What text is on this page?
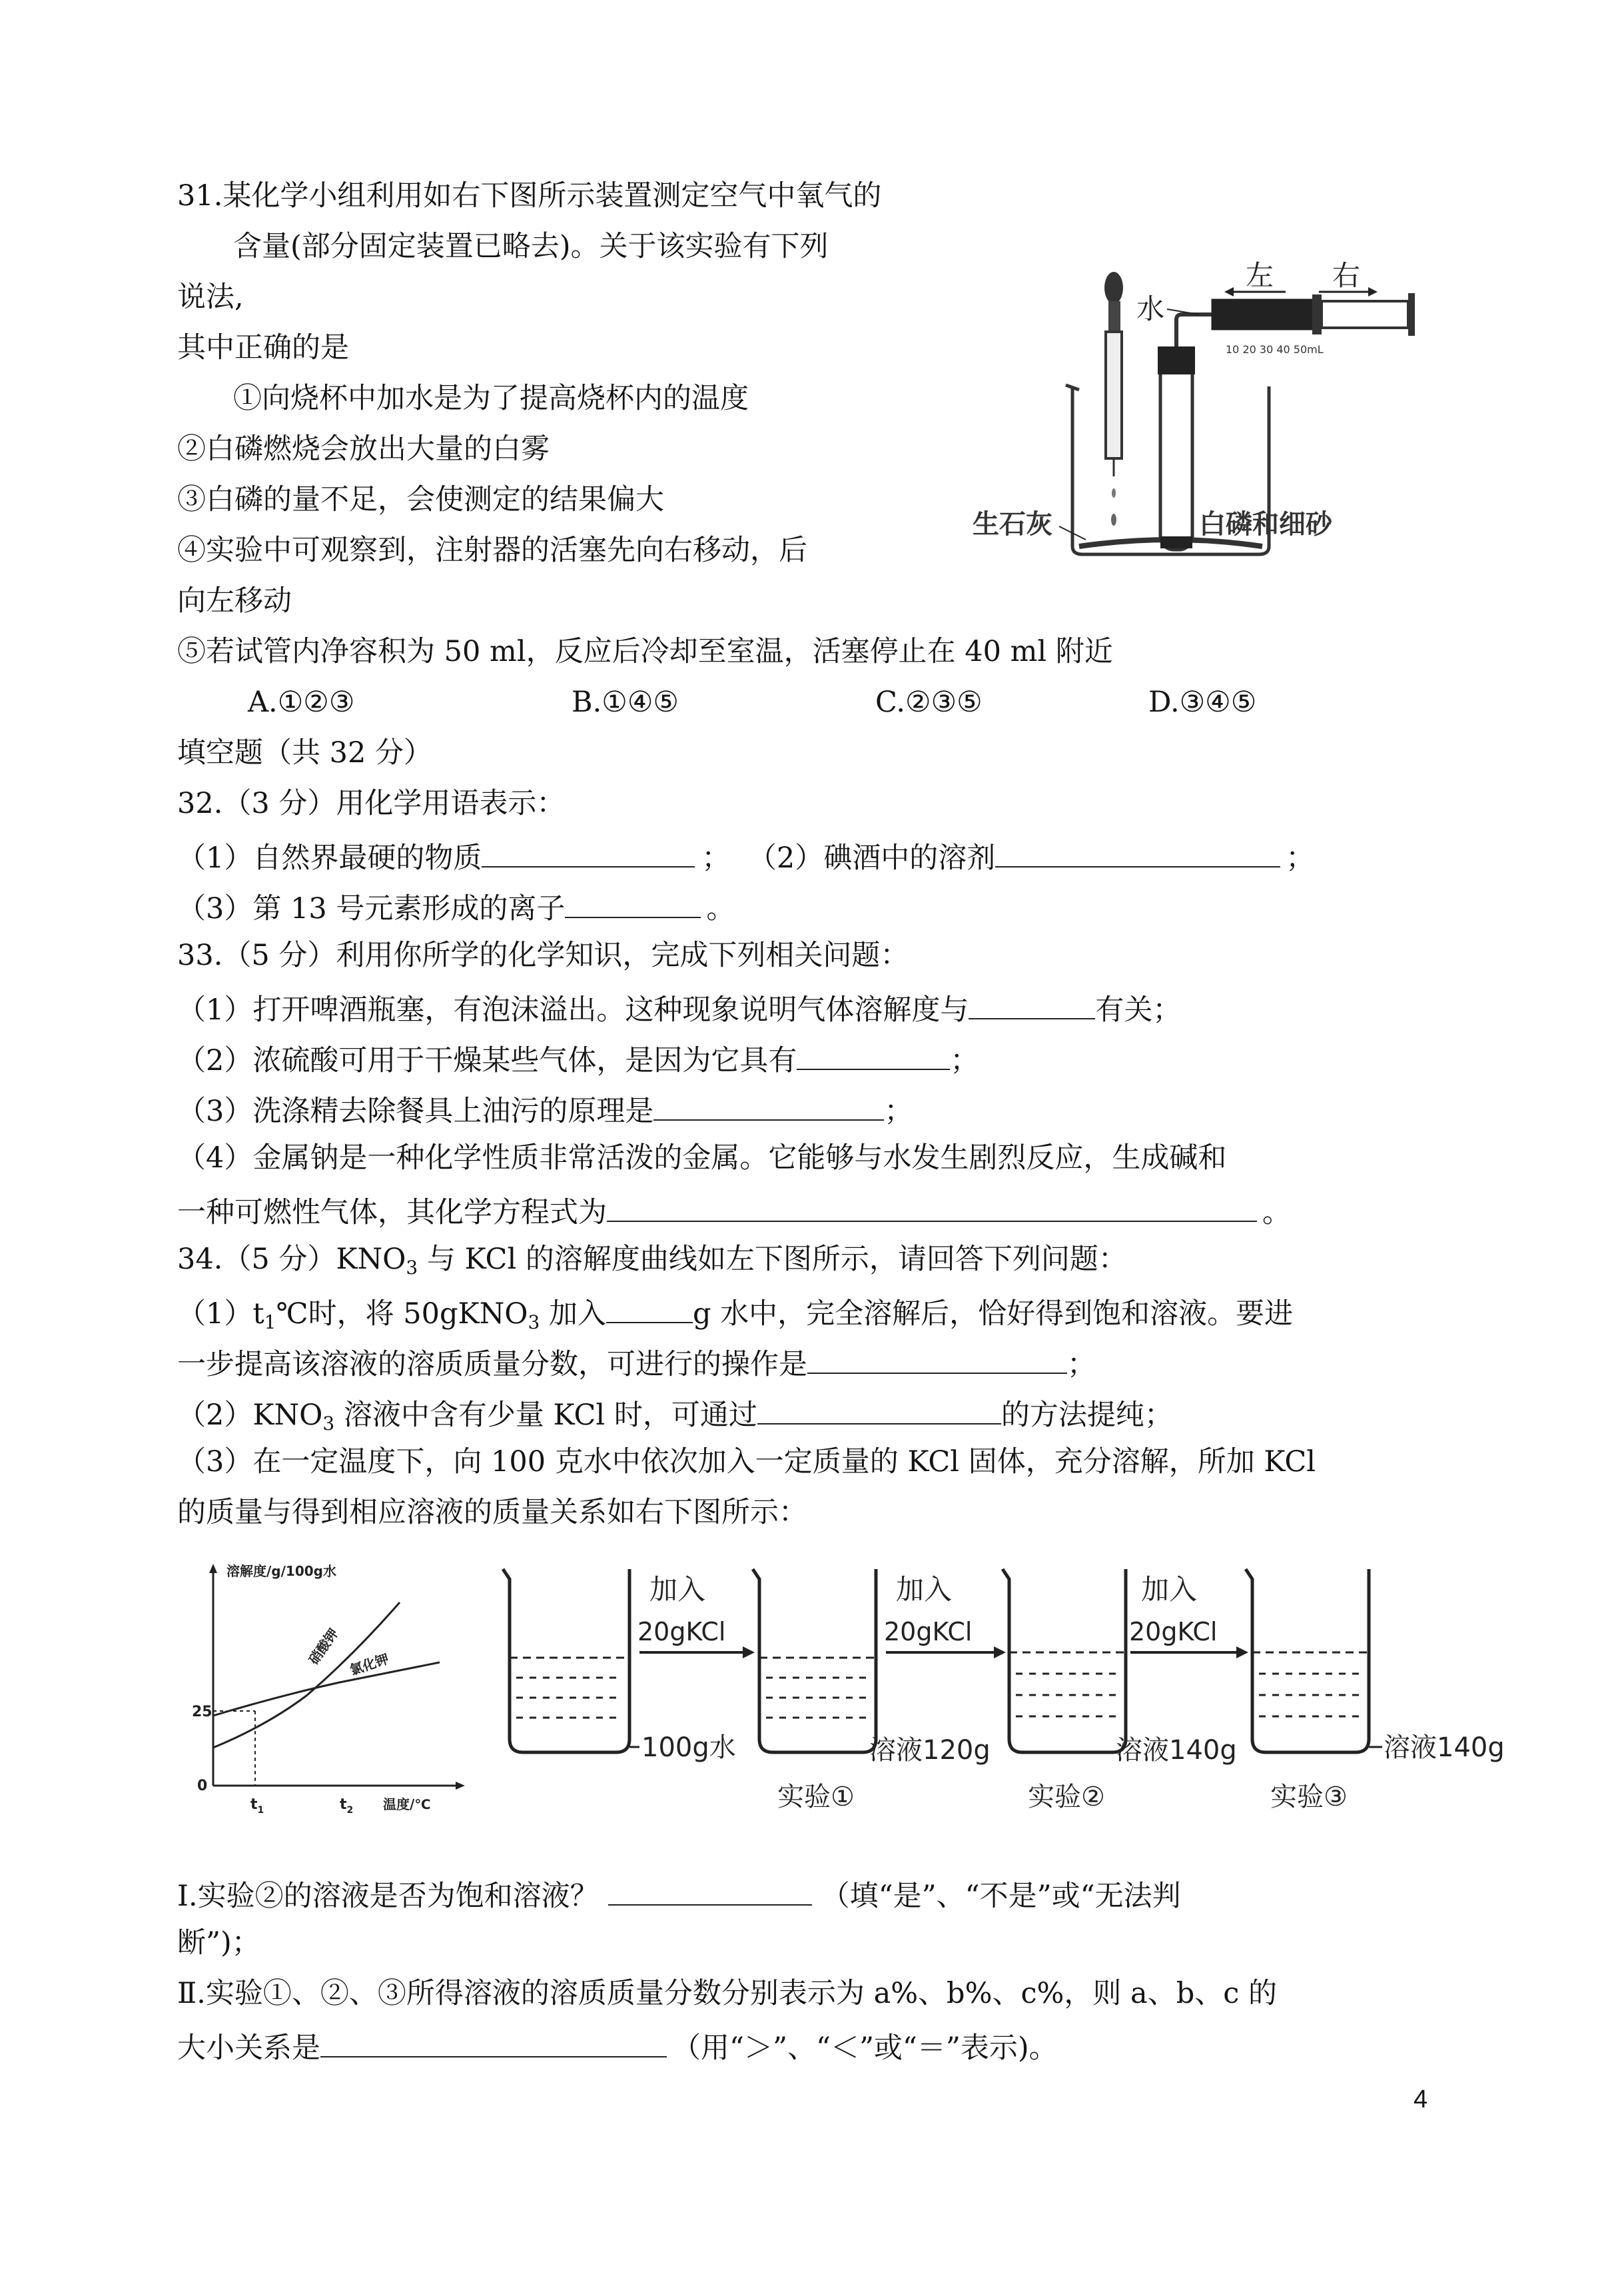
31.某化学小组利用如右下图所示装置测定空气中氧气的
含量(部分固定装置已略去)。关于该实验有下列
说法,
其中正确的是
①向烧杯中加水是为了提高烧杯内的温度
②白磷燃烧会放出大量的白雾
③白磷的量不足，会使测定的结果偏大
④实验中可观察到，注射器的活塞先向右移动，后
向左移动
⑤若试管内净容积为 50 ml，反应后冷却至室温，活塞停止在 40 ml 附近
A.①②③	B.①④⑤	C.②③⑤	D.③④⑤
10 20 30 40 50mL
左 右
水
生石灰	白磷和细砂
填空题（共 32 分）
32.（3 分）用化学用语表示：
（1）自然界最硬的物质	； （2）碘酒中的溶剂	；
（3）第 13 号元素形成的离子	。
33.（5 分）利用你所学的化学知识，完成下列相关问题：
（1）打开啤酒瓶塞，有泡沫溢出。这种现象说明气体溶解度与	有关；
（2）浓硫酸可用于干燥某些气体，是因为它具有	；
（3）洗涤精去除餐具上油污的原理是	；
（4）金属钠是一种化学性质非常活泼的金属。它能够与水发生剧烈反应，生成碱和
一种可燃性气体，其化学方程式为	。
34.（5 分）$KNO_3$ 与 KCl 的溶解度曲线如左下图所示，请回答下列问题：
$(1)t_1℃$时，将 50gKNO$_3$ 加入	g 水中，完全溶解后，恰好得到饱和溶液。要进
一步提高该溶液的溶质质量分数，可进行的操作是	；
$(2)KNO_3$ 溶液中含有少量 KCl 时，可通过	的方法提纯；
（3）在一定温度下，向 100 克水中依次加入一定质量的 KCl 固体，充分溶解，所加 KCl
的质量与得到相应溶液的质量关系如右下图所示：
溶解度/g/100g水
硝酸钾 氯化钾
25
0
$t_1$	$t_2$ 温度/℃
100g水
加入
20gKCl
溶液120g
实验①
加入
20gKCl
溶液140g
实验②
加入
20gKCl
溶液140g
实验③
Ⅰ.实验②的溶液是否为饱和溶液？	（填“是”、“不是”或“无法判
断”)；
Ⅱ.实验①、②、③所得溶液的溶质质量分数分别表示为 a%、b%、c%，则 a、b、c 的
大小关系是	（用“＞”、“＜”或“＝”表示)。
4
